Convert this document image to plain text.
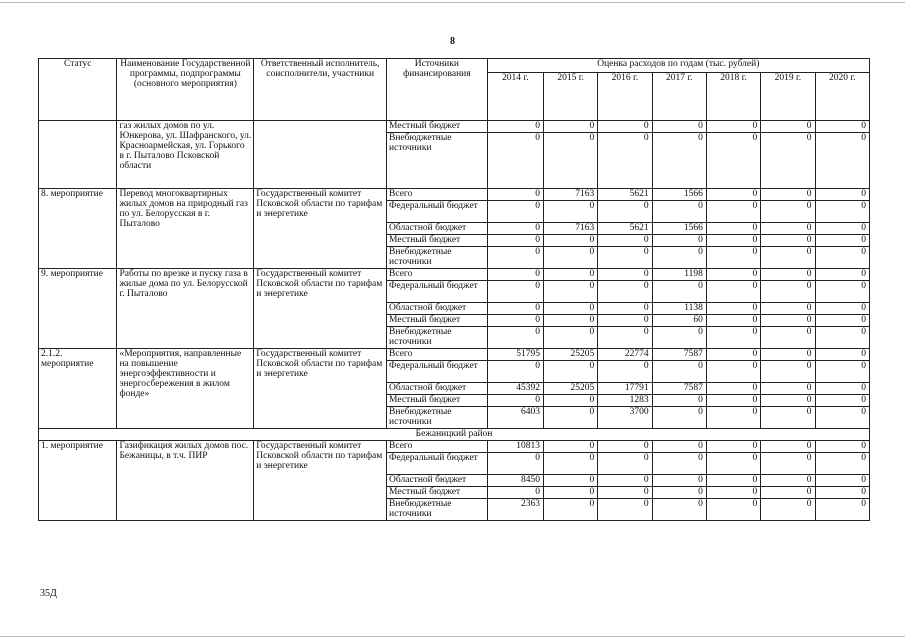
8
Статус	Наименование Государственной программы, подпрограммы (основного мероприятия)	Ответственный исполнитель, соисполнители, участники	Источники финансирования	Оценка расходов по годам (тыс. рублей)						
				2014 г.	2015 г.	2016 г.	2017 г.	2018 г.	2019 г.	2020 г.
	газ жилых домов по ул. Юнкерова, ул. Шафранского, ул. Красноармейская, ул. Горького в г. Пыталово Псковской области		Местный бюджет	0	0	0	0	0	0	0
			Внебюджетные источники	0	0	0	0	0	0	0
8. мероприятие	Перевод многоквартирных жилых домов на природный газ по ул. Белорусская в г. Пыталово	Государственный комитет Псковской области по тарифам и энергетике	Всего	0	7163	5621	1566	0	0	0
			Федеральный бюджет	0	0	0	0	0	0	0
			Областной бюджет	0	7163	5621	1566	0	0	0
			Местный бюджет	0	0	0	0	0	0	0
			Внебюджетные источники	0	0	0	0	0	0	0
9. мероприятие	Работы по врезке и пуску газа в жилые дома по ул. Белорусской г. Пыталово	Государственный комитет Псковской области по тарифам и энергетике	Всего	0	0	0	1198	0	0	0
			Федеральный бюджет	0	0	0	0	0	0	0
			Областной бюджет	0	0	0	1138	0	0	0
			Местный бюджет	0	0	0	60	0	0	0
			Внебюджетные источники	0	0	0	0	0	0	0
2.1.2. мероприятие	«Мероприятия, направленные на повышение энергоэффективности и энергосбережения в жилом фонде»	Государственный комитет Псковской области по тарифам и энергетике	Всего	51795	25205	22774	7587	0	0	0
			Федеральный бюджет	0	0	0	0	0	0	0
			Областной бюджет	45392	25205	17791	7587	0	0	0
			Местный бюджет	0	0	1283	0	0	0	0
			Внебюджетные источники	6403	0	3700	0	0	0	0
Бежаницкий район										
1. мероприятие	Газификация жилых домов пос. Бежаницы, в т.ч. ПИР	Государственный комитет Псковской области по тарифам и энергетике	Всего	10813	0	0	0	0	0	0
			Федеральный бюджет	0	0	0	0	0	0	0
			Областной бюджет	8450	0	0	0	0	0	0
			Местный бюджет	0	0	0	0	0	0	0
			Внебюджетные источники	2363	0	0	0	0	0	0
35Д
